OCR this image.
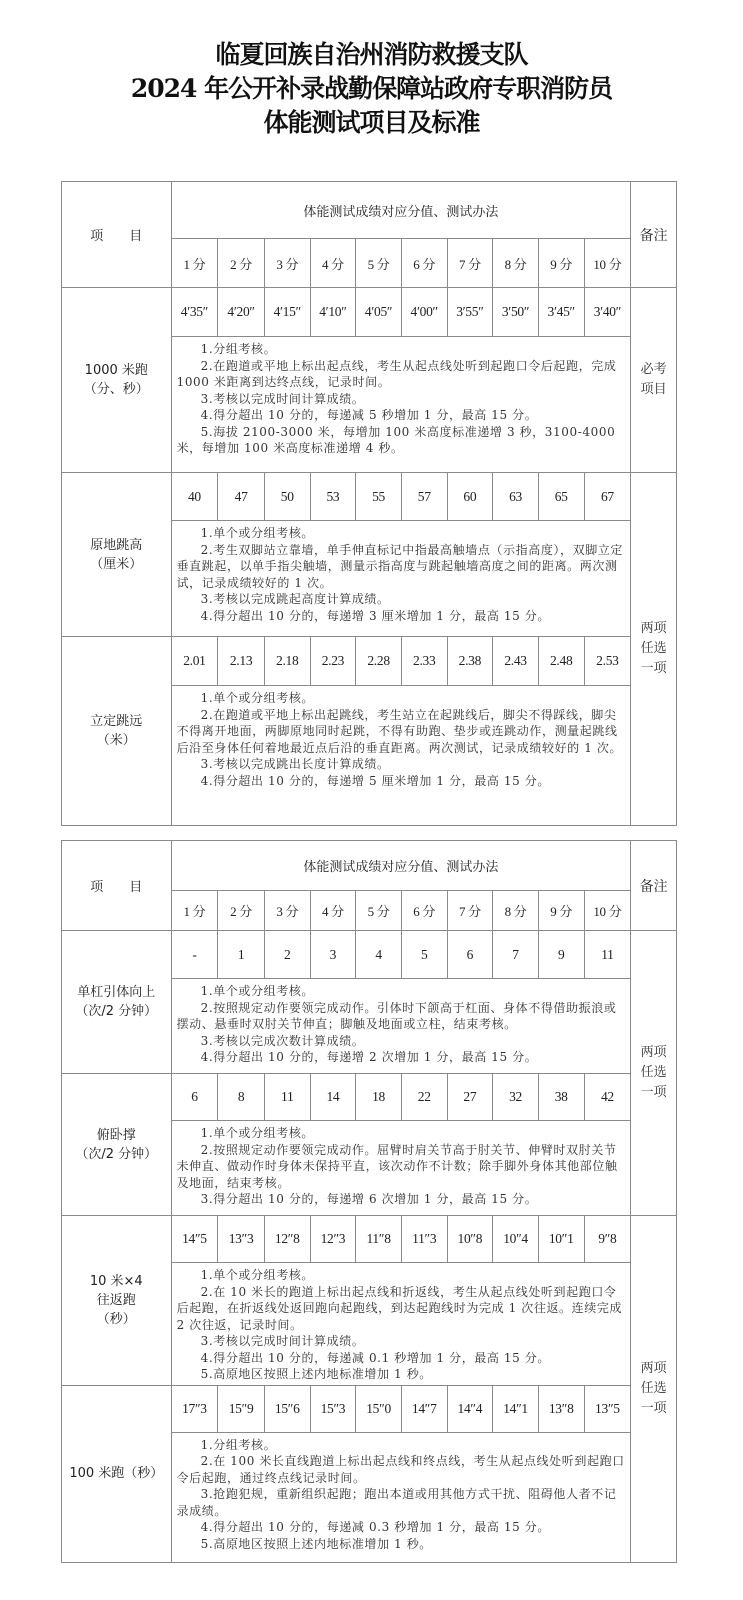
临夏回族自治州消防救援支队
2024 年公开补录战勤保障站政府专职消防员
体能测试项目及标准
项　　目	体能测试成绩对应分值、测试办法										备注
	1 分	2 分	3 分	4 分	5 分	6 分	7 分	8 分	9 分	10 分	

1000 米跑
（分、秒）	4′35″	4′20″	4′15″	4′10″	4′05″	4′00″	3′55″	3′50″	3′45″	3′40″	必考项目

	1.分组考核。

2.在跑道或平地上标出起点线，考生从起点线处听到起跑口令后起跑，完成 1000 米距离到达终点线，记录时间。

3.考核以完成时间计算成绩。

4.得分超出 10 分的，每递减 5 秒增加 1 分，最高 15 分。

5.海拔 2100-3000 米，每增加 100 米高度标准递增 3 秒，3100-4000 米，每增加 100 米高度标准递增 4 秒。										

原地跳高
（厘米）	40	47	50	53	55	57	60	63	65	67	两项任选一项

	1.单个或分组考核。

2.考生双脚站立靠墙，单手伸直标记中指最高触墙点（示指高度），双脚立定垂直跳起，以单手指尖触墙，测量示指高度与跳起触墙高度之间的距离。两次测试，记录成绩较好的 1 次。

3.考核以完成跳起高度计算成绩。

4.得分超出 10 分的，每递增 3 厘米增加 1 分，最高 15 分。										

立定跳远
（米）	2.01	2.13	2.18	2.23	2.28	2.33	2.38	2.43	2.48	2.53	

	1.单个或分组考核。

2.在跑道或平地上标出起跳线，考生站立在起跳线后，脚尖不得踩线，脚尖不得离开地面，两脚原地同时起跳，不得有助跑、垫步或连跳动作，测量起跳线后沿至身体任何着地最近点后沿的垂直距离。两次测试，记录成绩较好的 1 次。

3.考核以完成跳出长度计算成绩。

4.得分超出 10 分的，每递增 5 厘米增加 1 分，最高 15 分。										

项　　目	体能测试成绩对应分值、测试办法										备注
	1 分	2 分	3 分	4 分	5 分	6 分	7 分	8 分	9 分	10 分	

单杠引体向上
（次/2 分钟）	-	1	2	3	4	5	6	7	9	11	两项任选一项

	1.单个或分组考核。

2.按照规定动作要领完成动作。引体时下颌高于杠面、身体不得借助振浪或摆动、悬垂时双肘关节伸直；脚触及地面或立柱，结束考核。

3.考核以完成次数计算成绩。

4.得分超出 10 分的，每递增 2 次增加 1 分，最高 15 分。										

俯卧撑
（次/2 分钟）	6	8	11	14	18	22	27	32	38	42	

	1.单个或分组考核。

2.按照规定动作要领完成动作。屈臂时肩关节高于肘关节、伸臂时双肘关节未伸直、做动作时身体未保持平直，该次动作不计数；除手脚外身体其他部位触及地面，结束考核。

3.得分超出 10 分的，每递增 6 次增加 1 分，最高 15 分。										

10 米×4
往返跑
（秒）	14″5	13″3	12″8	12″3	11″8	11″3	10″8	10″4	10″1	9″8	两项任选一项

	1.单个或分组考核。

2.在 10 米长的跑道上标出起点线和折返线，考生从起点线处听到起跑口令后起跑，在折返线处返回跑向起跑线，到达起跑线时为完成 1 次往返。连续完成 2 次往返，记录时间。

3.考核以完成时间计算成绩。

4.得分超出 10 分的，每递减 0.1 秒增加 1 分，最高 15 分。

5.高原地区按照上述内地标准增加 1 秒。										

100 米跑（秒）	17″3	15″9	15″6	15″3	15″0	14″7	14″4	14″1	13″8	13″5	

	1.分组考核。

2.在 100 米长直线跑道上标出起点线和终点线，考生从起点线处听到起跑口令后起跑，通过终点线记录时间。

3.抢跑犯规，重新组织起跑；跑出本道或用其他方式干扰、阻碍他人者不记录成绩。

4.得分超出 10 分的，每递减 0.3 秒增加 1 分，最高 15 分。

5.高原地区按照上述内地标准增加 1 秒。										
